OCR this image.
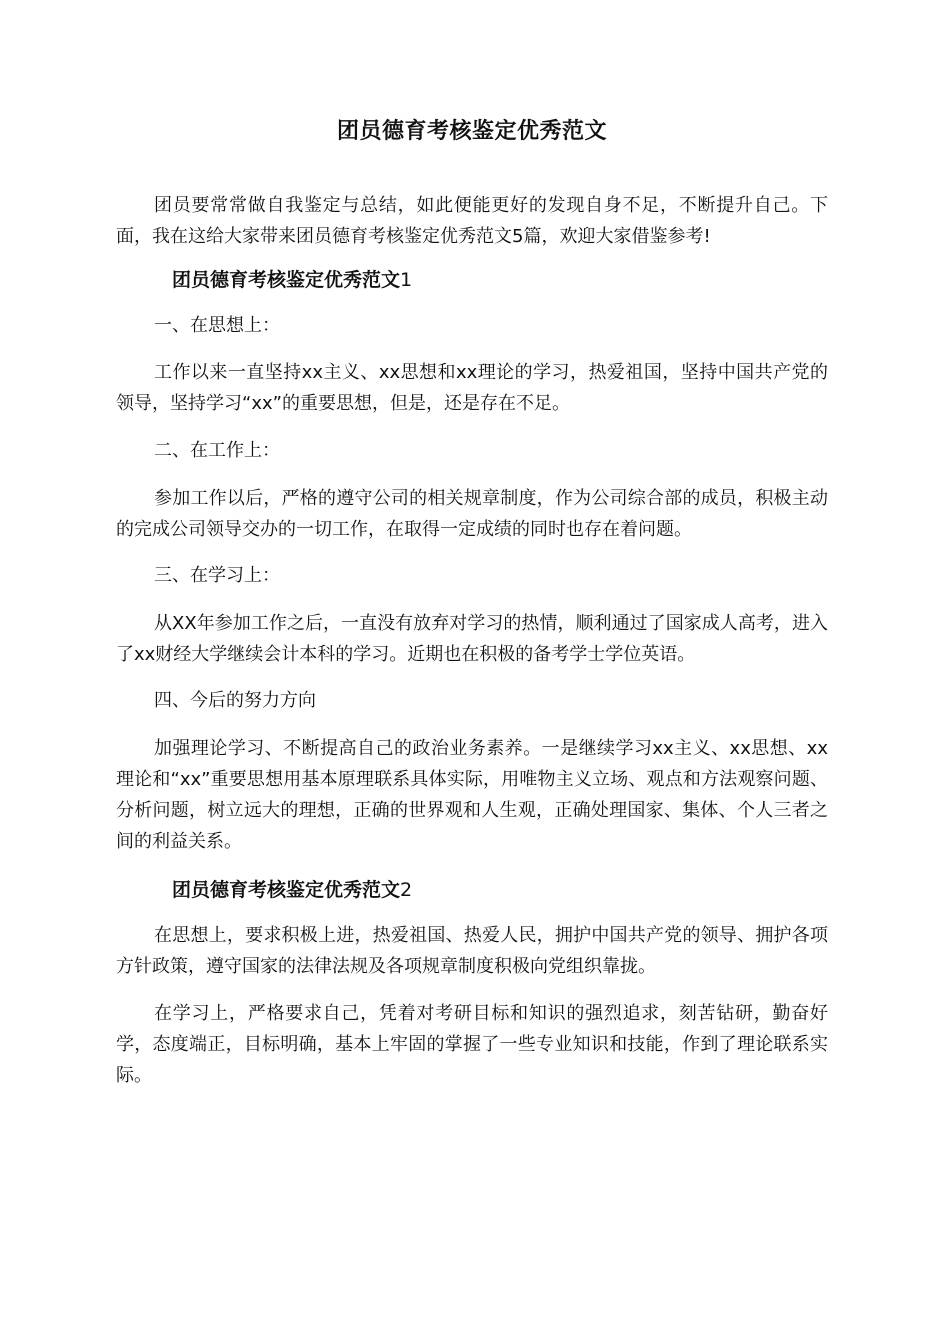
团员德育考核鉴定优秀范文

团员要常常做自我鉴定与总结，如此便能更好的发现自身不足，不断提升自己。下面，我在这给大家带来团员德育考核鉴定优秀范文5篇，欢迎大家借鉴参考!

团员德育考核鉴定优秀范文1

一、在思想上：

工作以来一直坚持xx主义、xx思想和xx理论的学习，热爱祖国，坚持中国共产党的领导，坚持学习“xx”的重要思想，但是，还是存在不足。

二、在工作上：

参加工作以后，严格的遵守公司的相关规章制度，作为公司综合部的成员，积极主动的完成公司领导交办的一切工作，在取得一定成绩的同时也存在着问题。

三、在学习上：

从XX年参加工作之后，一直没有放弃对学习的热情，顺利通过了国家成人高考，进入了xx财经大学继续会计本科的学习。近期也在积极的备考学士学位英语。

四、今后的努力方向

加强理论学习、不断提高自己的政治业务素养。一是继续学习xx主义、xx思想、xx理论和“xx”重要思想用基本原理联系具体实际，用唯物主义立场、观点和方法观察问题、分析问题，树立远大的理想，正确的世界观和人生观，正确处理国家、集体、个人三者之间的利益关系。

团员德育考核鉴定优秀范文2

在思想上，要求积极上进，热爱祖国、热爱人民，拥护中国共产党的领导、拥护各项方针政策，遵守国家的法律法规及各项规章制度积极向党组织靠拢。

在学习上，严格要求自己，凭着对考研目标和知识的强烈追求，刻苦钻研，勤奋好学，态度端正，目标明确，基本上牢固的掌握了一些专业知识和技能，作到了理论联系实际。
